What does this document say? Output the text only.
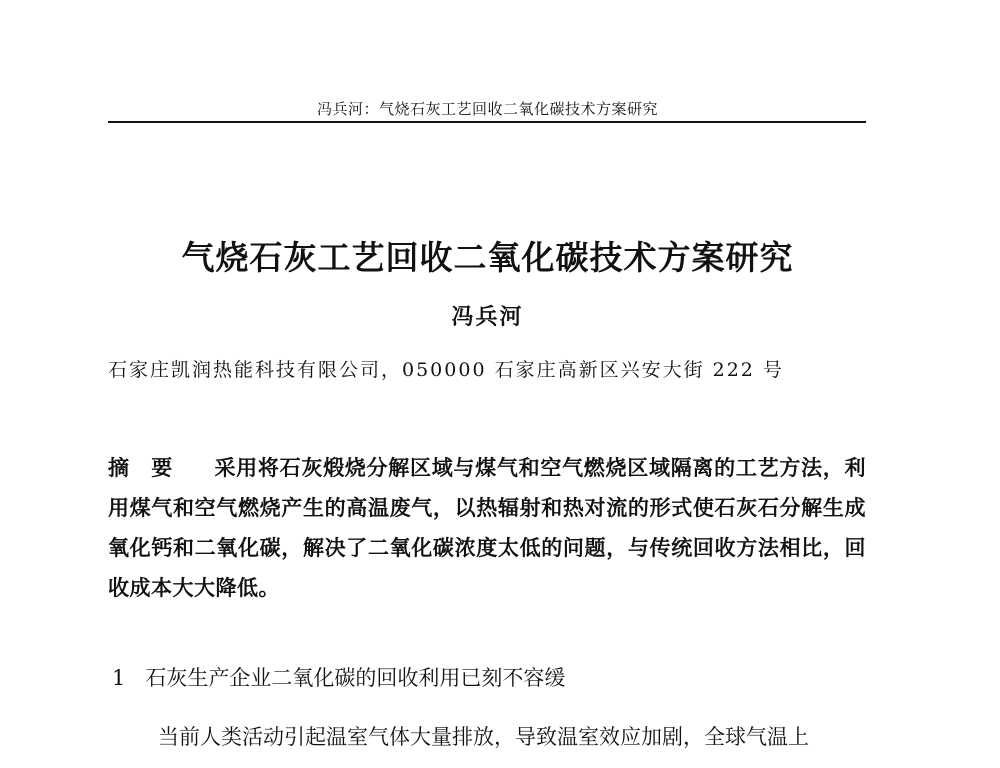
冯兵河：气烧石灰工艺回收二氧化碳技术方案研究
气烧石灰工艺回收二氧化碳技术方案研究
冯兵河
石家庄凯润热能科技有限公司，050000 石家庄高新区兴安大街 222 号
摘要 采用将石灰煅烧分解区域与煤气和空气燃烧区域隔离的工艺方法，利用煤气和空气燃烧产生的高温废气，以热辐射和热对流的形式使石灰石分解生成氧化钙和二氧化碳，解决了二氧化碳浓度太低的问题，与传统回收方法相比，回收成本大大降低。
1 石灰生产企业二氧化碳的回收利用已刻不容缓
当前人类活动引起温室气体大量排放，导致温室效应加剧，全球气温上
